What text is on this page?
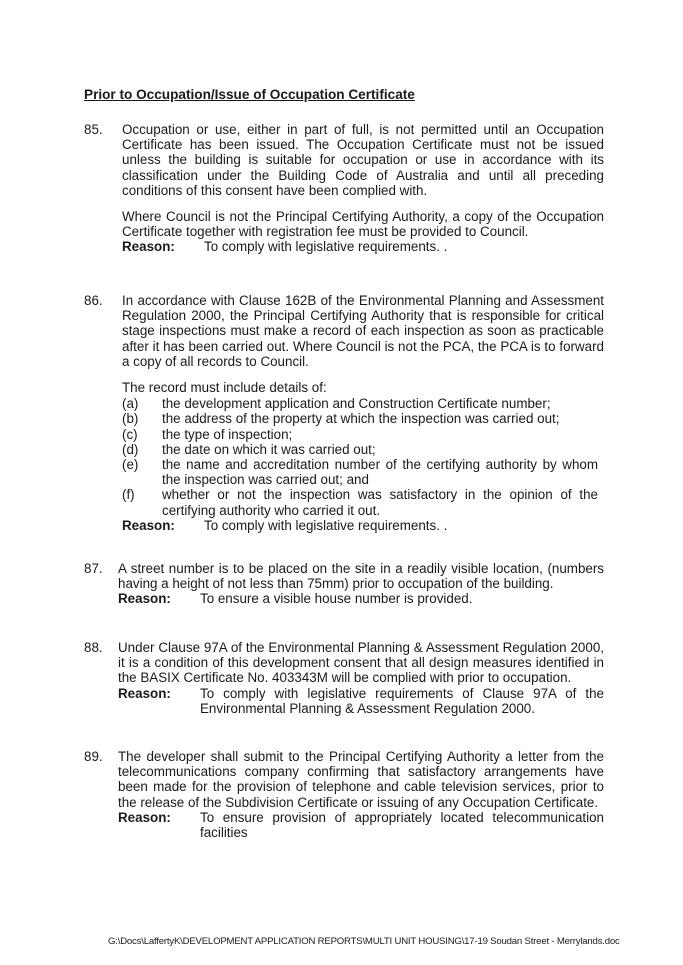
Prior to Occupation/Issue of Occupation Certificate
85. Occupation or use, either in part of full, is not permitted until an Occupation Certificate has been issued. The Occupation Certificate must not be issued unless the building is suitable for occupation or use in accordance with its classification under the Building Code of Australia and until all preceding conditions of this consent have been complied with.
Where Council is not the Principal Certifying Authority, a copy of the Occupation Certificate together with registration fee must be provided to Council.
Reason:	To comply with legislative requirements. .
86. In accordance with Clause 162B of the Environmental Planning and Assessment Regulation 2000, the Principal Certifying Authority that is responsible for critical stage inspections must make a record of each inspection as soon as practicable after it has been carried out. Where Council is not the PCA, the PCA is to forward a copy of all records to Council.
The record must include details of:
(a)	the development application and Construction Certificate number;
(b)	the address of the property at which the inspection was carried out;
(c)	the type of inspection;
(d)	the date on which it was carried out;
(e)	the name and accreditation number of the certifying authority by whom the inspection was carried out; and
(f)	whether or not the inspection was satisfactory in the opinion of the certifying authority who carried it out.
Reason:	To comply with legislative requirements. .
87. A street number is to be placed on the site in a readily visible location, (numbers having a height of not less than 75mm) prior to occupation of the building.
Reason:	To ensure a visible house number is provided.
88. Under Clause 97A of the Environmental Planning & Assessment Regulation 2000, it is a condition of this development consent that all design measures identified in the BASIX Certificate No. 403343M will be complied with prior to occupation.
Reason:	To comply with legislative requirements of Clause 97A of the Environmental Planning & Assessment Regulation 2000.
89. The developer shall submit to the Principal Certifying Authority a letter from the telecommunications company confirming that satisfactory arrangements have been made for the provision of telephone and cable television services, prior to the release of the Subdivision Certificate or issuing of any Occupation Certificate.
Reason:	To ensure provision of appropriately located telecommunication facilities
G:\Docs\LaffertyK\DEVELOPMENT APPLICATION REPORTS\MULTI UNIT HOUSING\17-19 Soudan Street - Merrylands.doc
